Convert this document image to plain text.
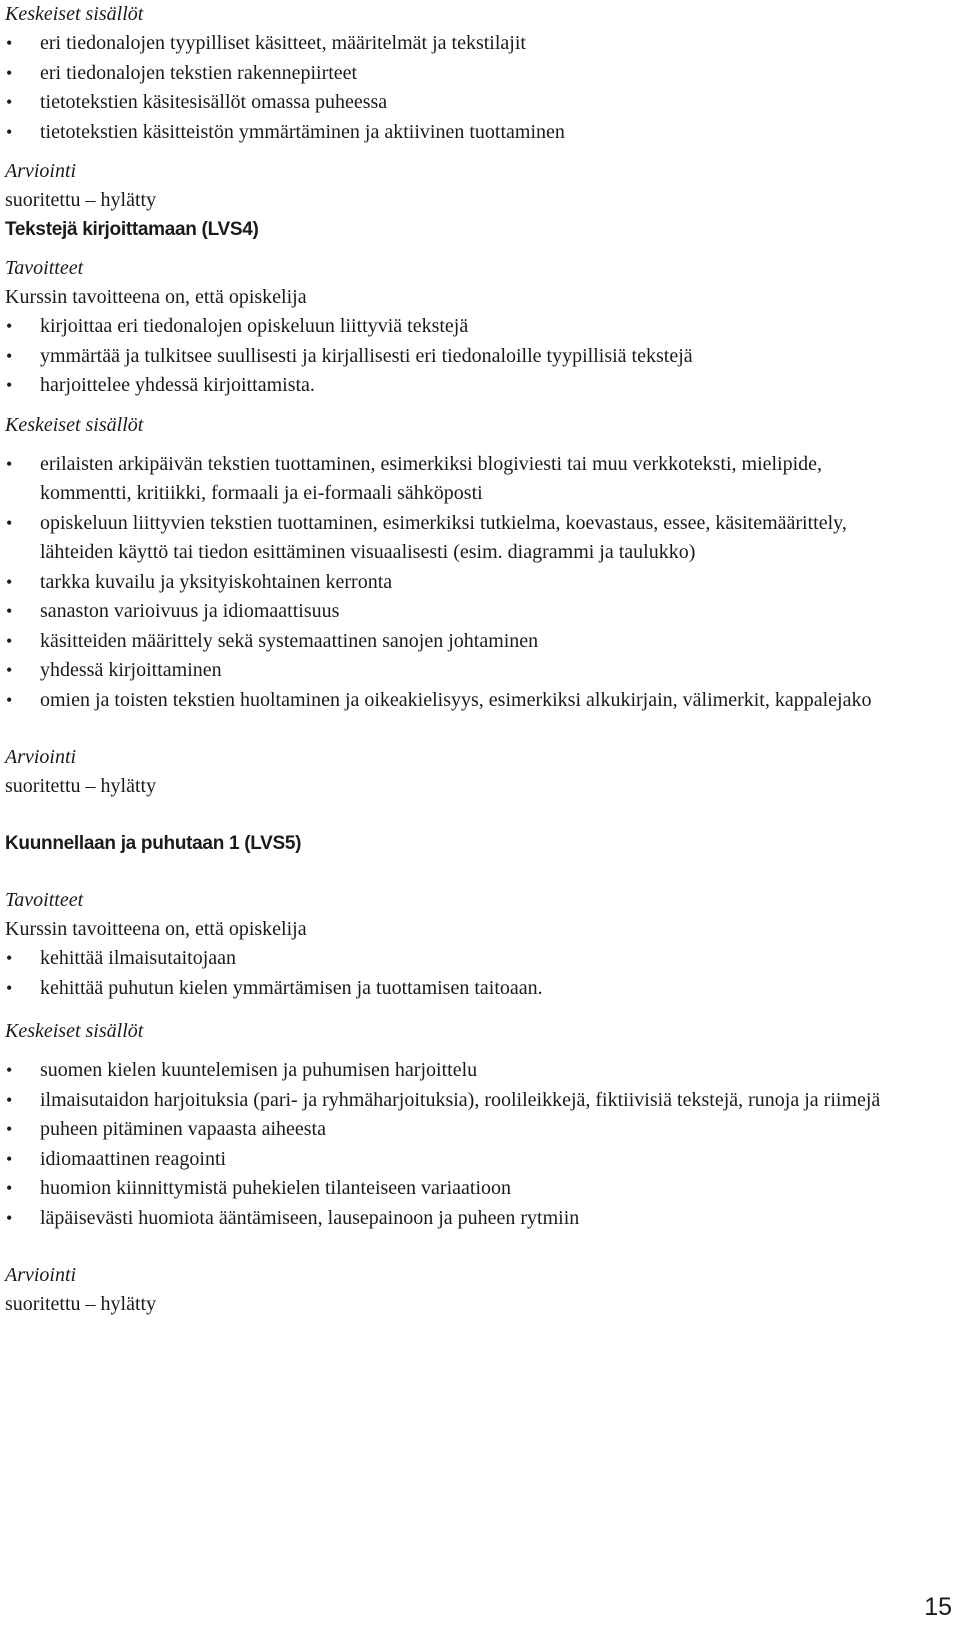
Keskeiset sisällöt

• eri tiedonalojen tyypilliset käsitteet, määritelmät ja tekstilajit
• eri tiedonalojen tekstien rakennepiirteet
• tietotekstien käsitesisällöt omassa puheessa
• tietotekstien käsitteistön ymmärtäminen ja aktiivinen tuottaminen

Arviointi

suoritettu – hylätty

Tekstejä kirjoittamaan (LVS4)

Tavoitteet

Kurssin tavoitteena on, että opiskelija

• kirjoittaa eri tiedonalojen opiskeluun liittyviä tekstejä
• ymmärtää ja tulkitsee suullisesti ja kirjallisesti eri tiedonaloille tyypillisiä tekstejä
• harjoittelee yhdessä kirjoittamista.

Keskeiset sisällöt

• erilaisten arkipäivän tekstien tuottaminen, esimerkiksi blogiviesti tai muu verkkoteksti, mielipide, kommentti, kritiikki, formaali ja ei-formaali sähköposti
• opiskeluun liittyvien tekstien tuottaminen, esimerkiksi tutkielma, koevastaus, essee, käsitemäärittely, lähteiden käyttö tai tiedon esittäminen visuaalisesti (esim. diagrammi ja taulukko)
• tarkka kuvailu ja yksityiskohtainen kerronta
• sanaston varioivuus ja idiomaattisuus
• käsitteiden määrittely sekä systemaattinen sanojen johtaminen
• yhdessä kirjoittaminen
• omien ja toisten tekstien huoltaminen ja oikeakielisyys, esimerkiksi alkukirjain, välimerkit, kappalejako

Arviointi

suoritettu – hylätty

Kuunnellaan ja puhutaan 1 (LVS5)

Tavoitteet

Kurssin tavoitteena on, että opiskelija

• kehittää ilmaisutaitojaan
• kehittää puhutun kielen ymmärtämisen ja tuottamisen taitoaan.

Keskeiset sisällöt

• suomen kielen kuuntelemisen ja puhumisen harjoittelu
• ilmaisutaidon harjoituksia (pari- ja ryhmäharjoituksia), roolileikkejä, fiktiivisiä tekstejä, runoja ja riimejä
• puheen pitäminen vapaasta aiheesta
• idiomaattinen reagointi
• huomion kiinnittymistä puhekielen tilanteiseen variaatioon
• läpäisevästi huomiota ääntämiseen, lausepainoon ja puheen rytmiin

Arviointi

suoritettu – hylätty

15
